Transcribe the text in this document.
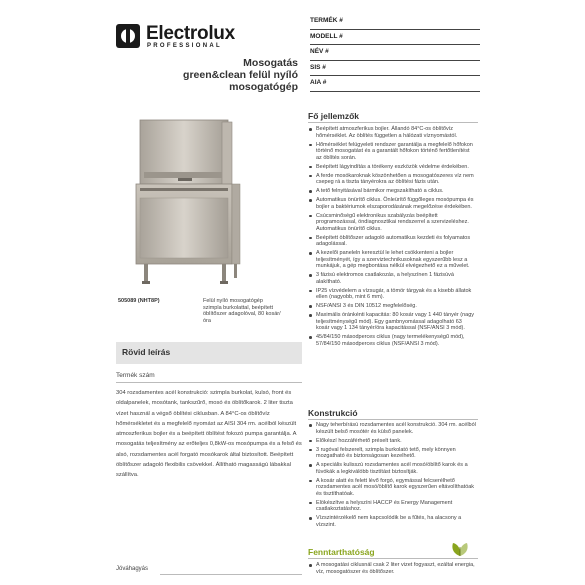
Electrolux
PROFESSIONAL
Mosogatás
green&clean felül nyíló
mosogatógép
TERMÉK #
MODELL #
NÉV #
SIS #
AIA #
505089 (NHT8P)	Felül nyíló mosogatógép szimpla burkolattal, beépített öblítőszer adagolóval, 80 kosár/óra
Rövid leírás
Termék szám
304 rozsdamentes acél konstrukció: szimpla burkolat, kulsó, front és oldalpanelek, mosótank, tankszűrő, mosó és öblítőkarok. 2 liter tiszta vízet használ a végső öblítési ciklusban. A 84°C-os öblítővíz hőmérsékletet és a megfelelő nyomást az AISI 304 rm. acélból készült atmoszferikus bojler és a beépített öblítést fokozó pumpa garantálja. A mosogatás teljesítmény az erőteljes 0,8kW-os mosópumpa és a felső és alsó, rozsdamentes acél forgató mosókarok által biztosított. Beépített öblítőszer adagoló flexibilis csövekkel. Állítható magasságú lábakkal szállítva.
Jóváhagyás
Fő jellemzők
Beépített atmoszferikus bojler. Állandó 84°C-os öblítővíz hőmérséklet. Az öblítés független a hálózati víznyomástól.
Hőmérséklet felügyeleti rendszer garantálja a megfelelő hőfokon történő mosogatást és a garantált hőfokon történő fertőtlenítést az öblítés során.
Beépített lágyindítás a törékeny eszközök védelme érdekében.
A ferde mosókaroknak köszönhetően a mosogatószeres víz nem csepeg rá a tiszta tányérokra az öblítési fázis után.
A tető felnyitásával bármikor megszakítható a ciklus.
Automatikus önürítő ciklus. Önleürítő függőleges mosópumpa és bojler a baktériumok elszaporodásának megelőzése érdekében.
Csúcsminőségű elektronikus szabályzás beépített programozással, öndiagnosztikai rendszerrel a szervizeléshez. Automatikus önürítő ciklus.
Beépített öblítőszer adagoló automatikus kezdeti és folyamatos adagolással.
A kezelői paneleln keresztül le lehet csökkenteni a bojler teljesítményét, így a szerviztechnikusoknak egyszerűbb lesz a munkájuk, a gép megbontása nélkül elvégezhető ez a művelet.
3 fázisú elektromos csatlakozás, a helyszínen 1 fázisúvá alakítható.
IP25 vízvédelem a vízsugár, a tömör tárgyak és a kisebb állatok ellen (nagyobb, mint 6 mm).
NSF/ANSI 3 és DIN 10512 megfelelőség.
Maximális óránkénti kapacitás: 80 kosár vagy 1 440 tányér (nagy teljesítménységű mód). Egy gambnyomással adagolható 63 kosár vagy 1 134 tányér/óra kapacitással (NSF/ANSI 3 mód).
45/84/150 másodperces ciklus (nagy termelékenységű mód), 57/84/150 másodperces ciklus (NSF/ANSI 3 mód).
Konstrukció
Nagy teherbírású rozsdamentes acél konstrukció. 304 rm. acélból készült belső mosótér és külső panelek.
Előkészí hozzáférhető préselt tank.
3 rugóval felszerelt, szimpla burkolató tető, mely könnyen mozgatható és biztonságosan kezelhető.
A speciális kulisszú rozsdamentes acél mosó/öblítő karok és a fúvókák a legkiválóbb tisztítást biztosítják.
A kosár alatt és felett lévő forgó, egymással felcserélhető rozsdamentes acél mosó/öblítő karok egyszerűen eltávolíthatóak és tisztíthatóak.
Elökészítve a helyszíni HACCP és Energy Management csatlakoztatáshoz.
Vízszintérzékelő nem kapcsolódik be a fűtés, ha alacsony a vízszint.
Fenntarthatóság
A mosogatási ciklusnál csak 2 liter vizet fogyaszt, ezáltal energia, víz, mosogatószer és öblítőszer.
